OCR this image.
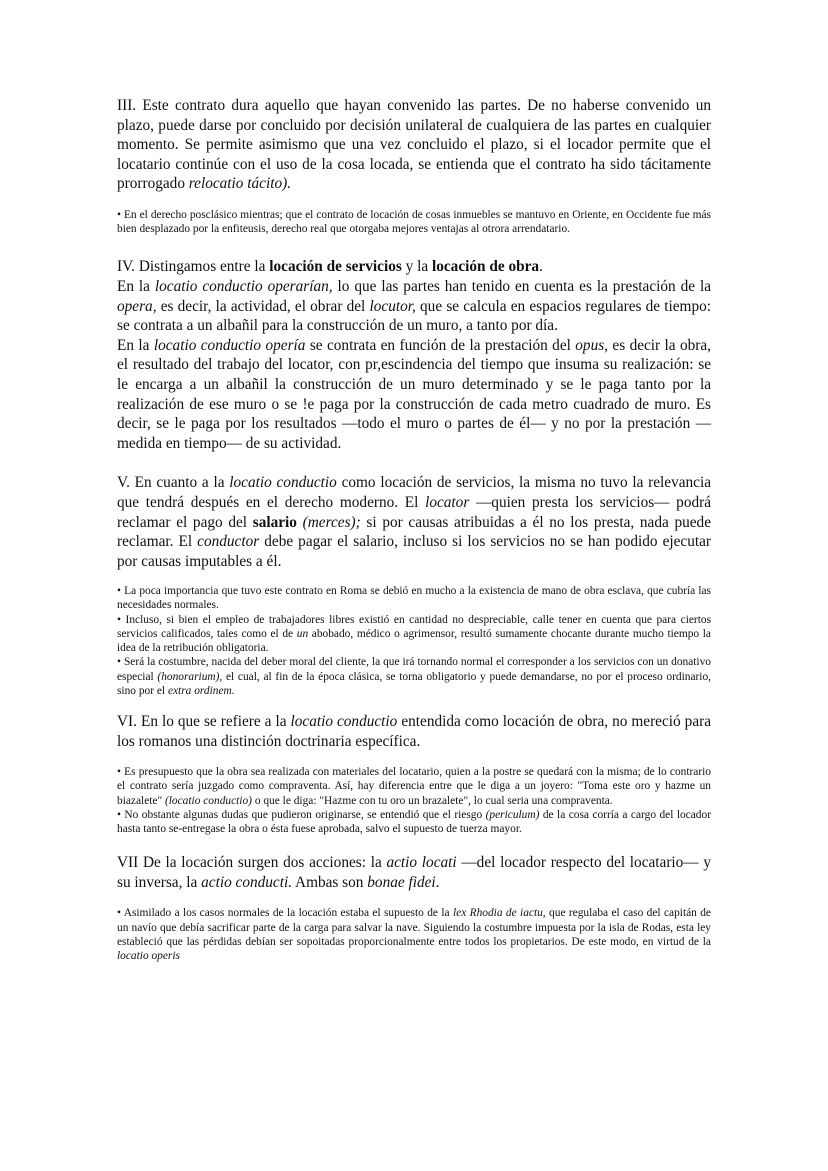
III. Este contrato dura aquello que hayan convenido las partes. De no haberse convenido un plazo, puede darse por concluido por decisión unilateral de cualquiera de las partes en cualquier momento. Se permite asimismo que una vez concluido el plazo, si el locador permite que el locatario continúe con el uso de la cosa locada, se entienda que el contrato ha sido tácitamente prorrogado relocatio tácito).

• En el derecho posclásico mientras; que el contrato de locación de cosas inmuebles se mantuvo en Oriente, en Occidente fue más bien desplazado por la enfiteusis, derecho real que otorgaba mejores ventajas al otrora arrendatario.

IV. Distingamos entre la locación de servicios y la locación de obra.

En la locatio conductio operarían, lo que las partes han tenido en cuenta es la prestación de la opera, es decir, la actividad, el obrar del locutor, que se calcula en espacios regulares de tiempo: se contrata a un albañil para la construcción de un muro, a tanto por día.

En la locatio conductio opería se contrata en función de la prestación del opus, es decir la obra, el resultado del trabajo del locator, con pr,escindencia del tiempo que insuma su realización: se le encarga a un albañil la construcción de un muro determinado y se le paga tanto por la realización de ese muro o se !e paga por la construcción de cada metro cuadrado de muro. Es decir, se le paga por los resultados —todo el muro o partes de él— y no por la prestación —medida en tiempo— de su actividad.

V. En cuanto a la locatio conductio como locación de servicios, la misma no tuvo la relevancia que tendrá después en el derecho moderno. El locator —quien presta los servicios— podrá reclamar el pago del salario (merces); si por causas atribuidas a él no los presta, nada puede reclamar. El conductor debe pagar el salario, incluso si los servicios no se han podido ejecutar por causas imputables a él.

• La poca importancia que tuvo este contrato en Roma se debió en mucho a la existencia de mano de obra esclava, que cubría las necesidades normales.

• Incluso, si bien el empleo de trabajadores libres existió en cantidad no despreciable, calle tener en cuenta que para ciertos servicios calificados, tales como el de un abobado, médico o agrimensor, resultó sumamente chocante durante mucho tiempo la idea de la retribución obligatoria.

• Será la costumbre, nacida del deber moral del cliente, la que irá tornando normal el corresponder a los servicios con un donativo especial (honorarium), el cual, al fin de la época clásica, se torna obligatorio y puede demandarse, no por el proceso ordinario, sino por el extra ordinem.

VI. En lo que se refiere a la locatio conductio entendida como locación de obra, no mereció para los romanos una distinción doctrinaria específica.

• Es presupuesto que la obra sea realizada con materiales del locatario, quien a la postre se quedará con la misma; de lo contrario el contrato sería juzgado como compraventa. Así, hay diferencia entre que le diga a un joyero: "Toma este oro y hazme un biazalete" (locatio conductio) o que le diga: "Hazme con tu oro un brazalete", lo cual seria una compraventa.

• No obstante algunas dudas que pudieron originarse, se entendió que el riesgo (periculum) de la cosa corría a cargo del locador hasta tanto se-entregase la obra o ésta fuese aprobada, salvo el supuesto de tuerza mayor.

VII De la locación surgen dos acciones: la actio locati —del locador respecto del locatario— y su inversa, la actio conducti. Ambas son bonae fidei.

• Asimilado a los casos normales de la locación estaba el supuesto de la lex Rhodia de iactu, que regulaba el caso del capitán de un navío que debía sacrificar parte de la carga para salvar la nave. Siguiendo la costumbre impuesta por la isla de Rodas, esta ley estableció que las pérdidas debían ser sopoitadas proporcionalmente entre todos los propietarios. De este modo, en virtud de la locatio operis
